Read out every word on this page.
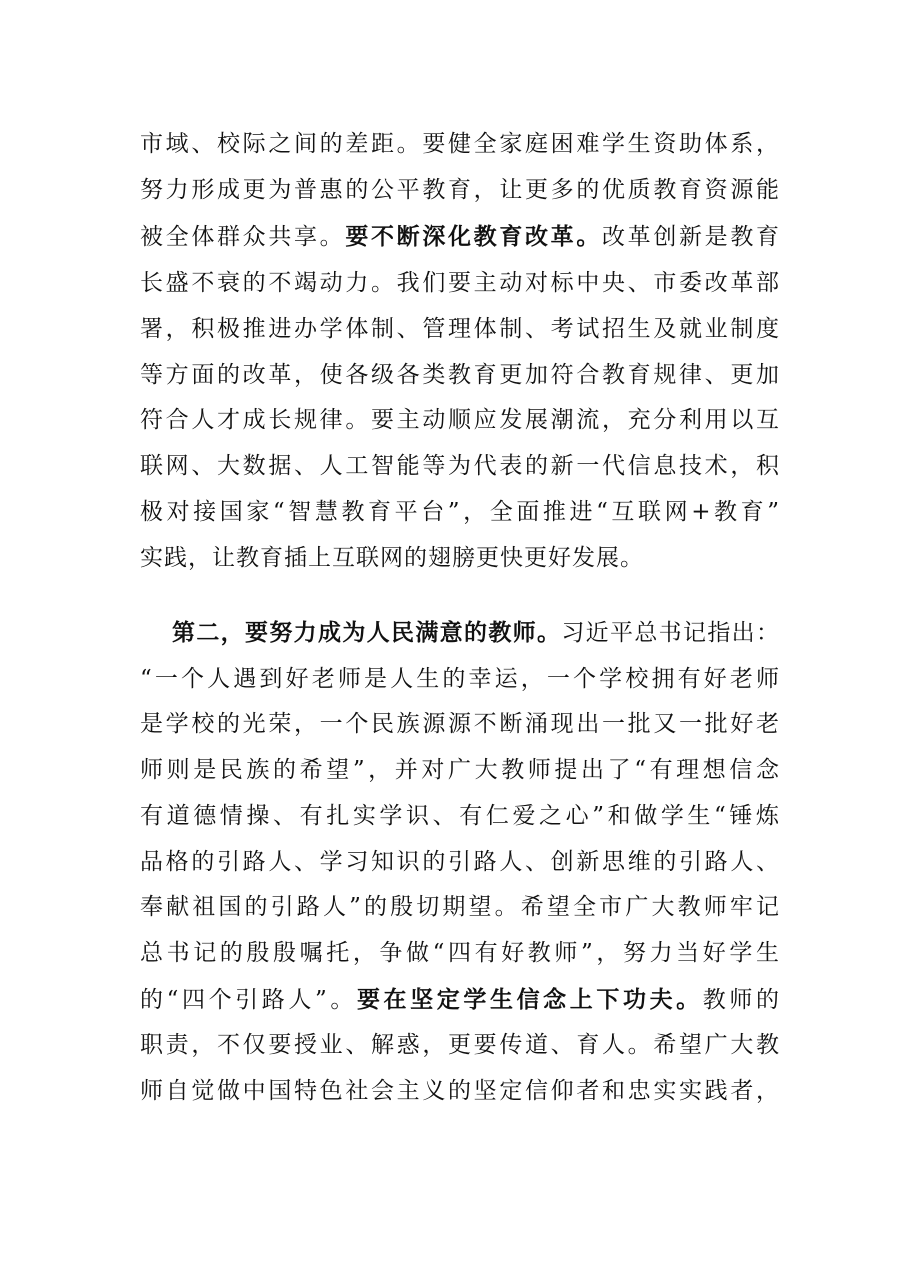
市域、校际之间的差距。要健全家庭困难学生资助体系，

努力形成更为普惠的公平教育，让更多的优质教育资源能

被全体群众共享。要不断深化教育改革。改革创新是教育

长盛不衰的不竭动力。我们要主动对标中央、市委改革部

署，积极推进办学体制、管理体制、考试招生及就业制度

等方面的改革，使各级各类教育更加符合教育规律、更加

符合人才成长规律。要主动顺应发展潮流，充分利用以互

联网、大数据、人工智能等为代表的新一代信息技术，积

极对接国家“智慧教育平台”，全面推进“互联网+教育”

实践，让教育插上互联网的翅膀更快更好发展。

第二，要努力成为人民满意的教师。习近平总书记指出：

“一个人遇到好老师是人生的幸运，一个学校拥有好老师

是学校的光荣，一个民族源源不断涌现出一批又一批好老

师则是民族的希望”，并对广大教师提出了“有理想信念

有道德情操、有扎实学识、有仁爱之心”和做学生“锤炼

品格的引路人、学习知识的引路人、创新思维的引路人、

奉献祖国的引路人”的殷切期望。希望全市广大教师牢记

总书记的殷殷嘱托，争做“四有好教师”，努力当好学生

的“四个引路人”。要在坚定学生信念上下功夫。教师的

职责，不仅要授业、解惑，更要传道、育人。希望广大教

师自觉做中国特色社会主义的坚定信仰者和忠实实践者，
